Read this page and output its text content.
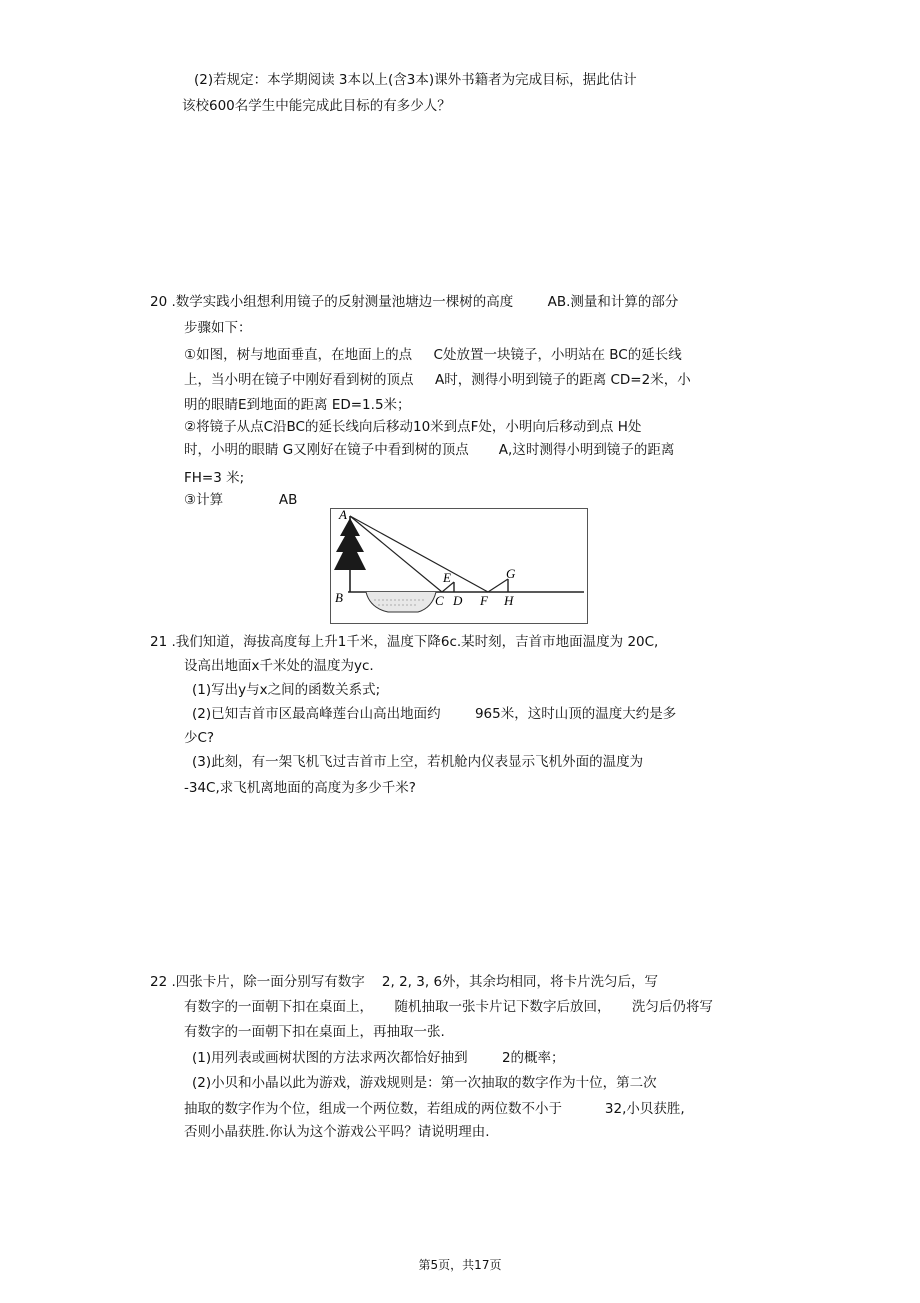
(2)若规定：本学期阅读 3本以上(含3本)课外书籍者为完成目标，据此估计
该校600名学生中能完成此目标的有多少人？
20 .数学实践小组想利用镜子的反射测量池塘边一棵树的高度        AB.测量和计算的部分
步骤如下：
①如图，树与地面垂直，在地面上的点     C处放置一块镜子，小明站在 BC的延长线
上，当小明在镜子中刚好看到树的顶点     A时，测得小明到镜子的距离 CD=2米，小
明的眼睛E到地面的距离 ED=1.5米；
②将镜子从点C沿BC的延长线向后移动10米到点F处，小明向后移动到点 H处
时，小明的眼睛 G又刚好在镜子中看到树的顶点       A,这时测得小明到镜子的距离
FH=3 米;
③计算             AB
A
B	C D
E
F
G
H
21 .我们知道，海拔高度每上升1千米，温度下降6c.某时刻，吉首市地面温度为 20C,
设高出地面x千米处的温度为yc.
(1)写出y与x之间的函数关系式;
(2)已知吉首市区最高峰莲台山高出地面约        965米，这时山顶的温度大约是多
少C?
(3)此刻，有一架飞机飞过吉首市上空，若机舱内仪表显示飞机外面的温度为
-34C,求飞机离地面的高度为多少千米?
22 .四张卡片，除一面分别写有数字    2, 2, 3, 6外，其余均相同，将卡片洗匀后，写
有数字的一面朝下扣在桌面上，     随机抽取一张卡片记下数字后放回，     洗匀后仍将写
有数字的一面朝下扣在桌面上，再抽取一张.
(1)用列表或画树状图的方法求两次都恰好抽到        2的概率；
(2)小贝和小晶以此为游戏，游戏规则是：第一次抽取的数字作为十位，第二次
抽取的数字作为个位，组成一个两位数，若组成的两位数不小于          32,小贝获胜,
否则小晶获胜.你认为这个游戏公平吗？请说明理由.
第5页，共17页
